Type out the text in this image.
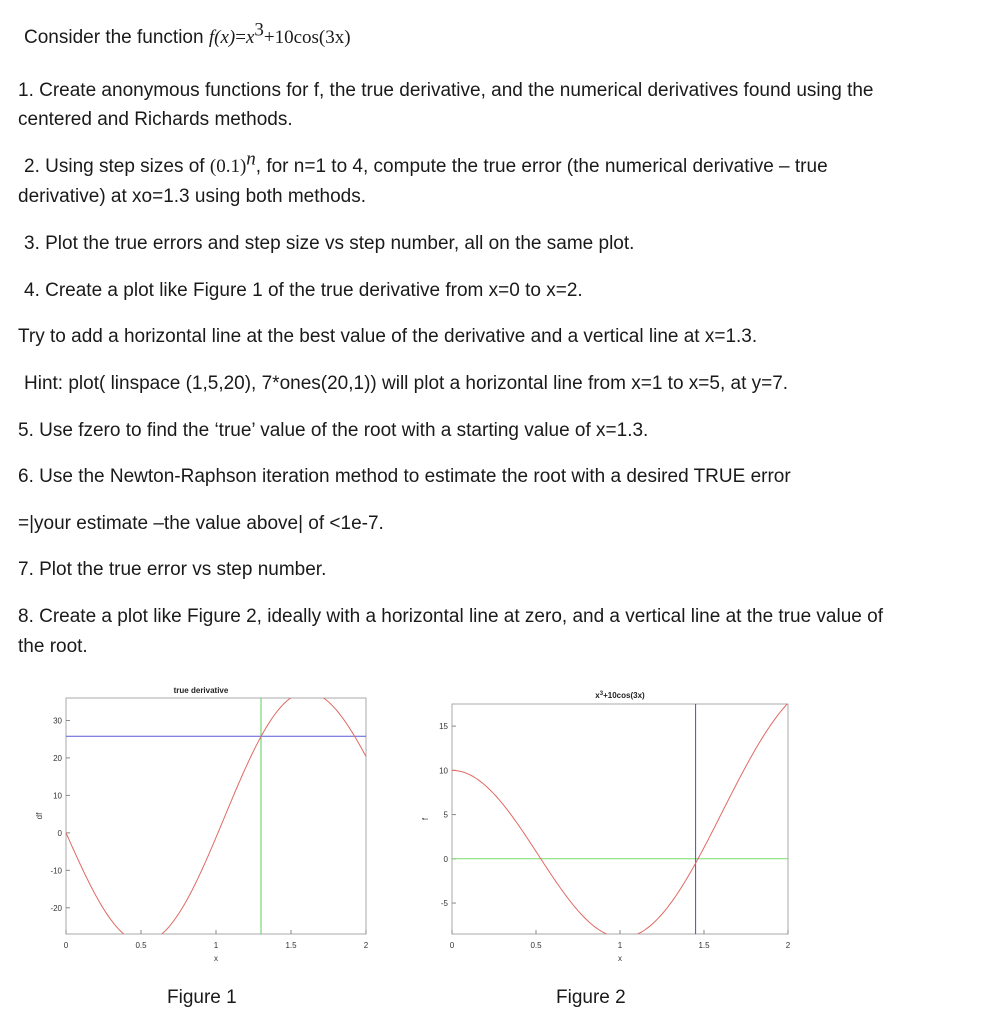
Consider the function $f(x)=x^3+10\cos(3x)$
1. Create anonymous functions for f, the true derivative, and the numerical derivatives found using the
centered and Richards methods.
2. Using step sizes of $(0.1)^n$, for n=1 to 4, compute the true error (the numerical derivative – true
derivative) at xo=1.3 using both methods.
3. Plot the true errors and step size vs step number, all on the same plot.
4. Create a plot like Figure 1 of the true derivative from x=0 to x=2.
Try to add a horizontal line at the best value of the derivative and a vertical line at x=1.3.
Hint: plot( linspace (1,5,20), 7*ones(20,1)) will plot a horizontal line from x=1 to x=5, at y=7.
5. Use fzero to find the ‘true’ value of the root with a starting value of x=1.3.
6. Use the Newton-Raphson iteration method to estimate the root with a desired TRUE error
=|your estimate –the value above| of <1e-7.
7. Plot the true error vs step number.
8. Create a plot like Figure 2, ideally with a horizontal line at zero, and a vertical line at the true value of
the root.
30
20
10
0
-10
-20
0	0.5	1	1.5	2
x
df
true derivative
Figure 1
15
10
5
0
-5
0	0.5	1	1.5	2
x
f
$x^3+10\cos(3x)$
Figure 2
